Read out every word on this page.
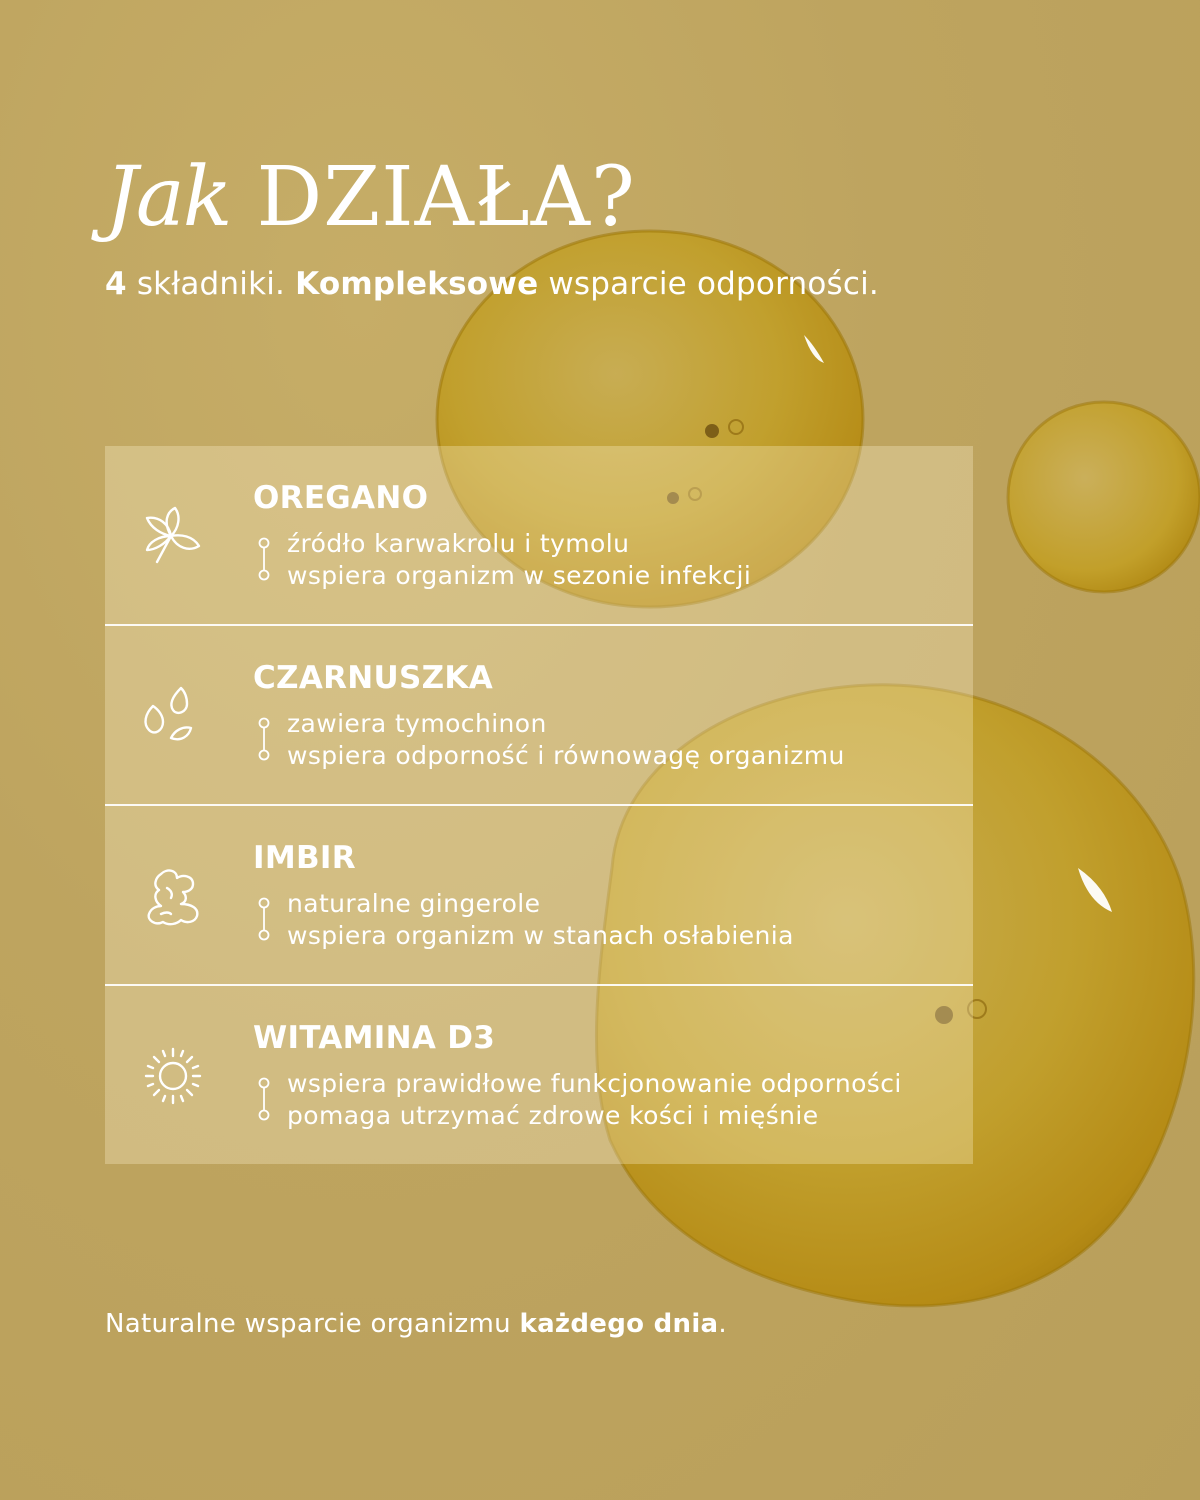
Jak DZIAŁA?

4 składniki. Kompleksowe wsparcie odporności.

OREGANO
źródło karwakrolu i tymolu
wspiera organizm w sezonie infekcji
CZARNUSZKA
zawiera tymochinon
wspiera odporność i równowagę organizmu
IMBIR
naturalne gingerole
wspiera organizm w stanach osłabienia
WITAMINA D3
wspiera prawidłowe funkcjonowanie odporności
pomaga utrzymać zdrowe kości i mięśnie

Naturalne wsparcie organizmu każdego dnia.
